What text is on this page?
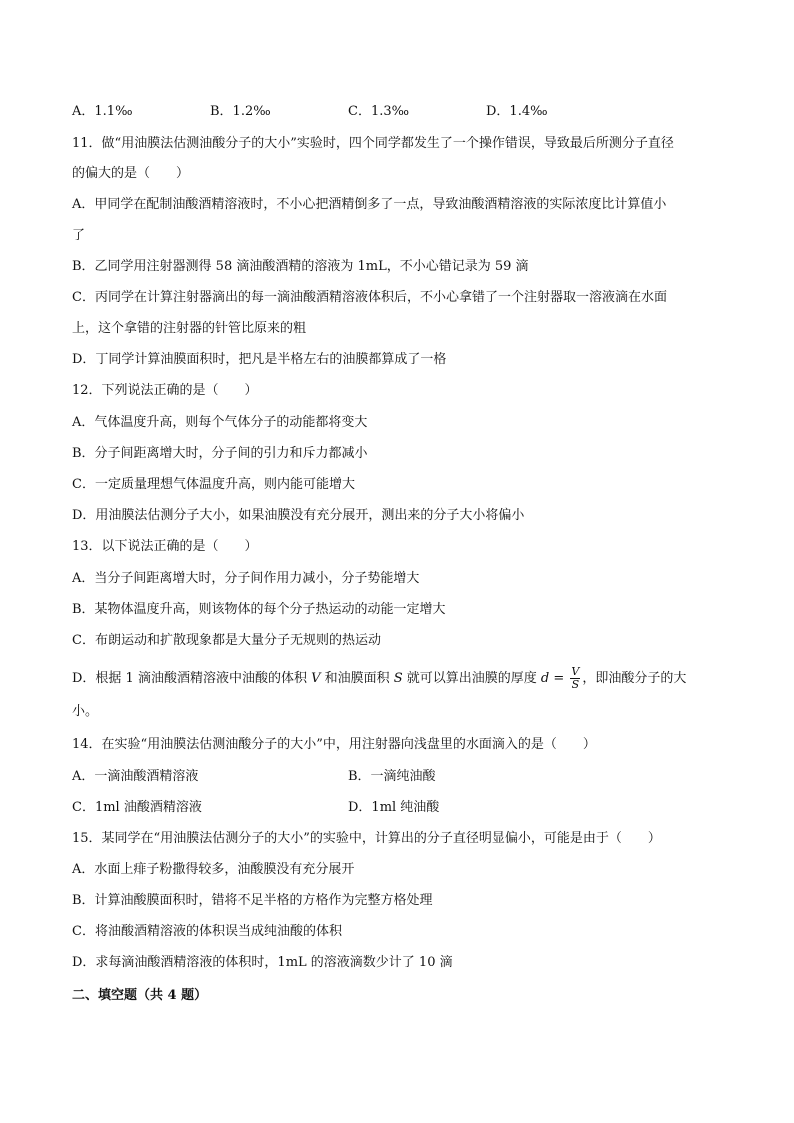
A．1.1‰	B．1.2‰	C．1.3‰	D．1.4‰
11．做“用油膜法估测油酸分子的大小”实验时，四个同学都发生了一个操作错误，导致最后所测分子直径
的偏大的是（　　）
A．甲同学在配制油酸酒精溶液时，不小心把酒精倒多了一点，导致油酸酒精溶液的实际浓度比计算值小
了
B．乙同学用注射器测得 58 滴油酸酒精的溶液为 1mL，不小心错记录为 59 滴
C．丙同学在计算注射器滴出的每一滴油酸酒精溶液体积后，不小心拿错了一个注射器取一溶液滴在水面
上，这个拿错的注射器的针管比原来的粗
D．丁同学计算油膜面积时，把凡是半格左右的油膜都算成了一格
12．下列说法正确的是（　　）
A．气体温度升高，则每个气体分子的动能都将变大
B．分子间距离增大时，分子间的引力和斥力都减小
C．一定质量理想气体温度升高，则内能可能增大
D．用油膜法估测分子大小，如果油膜没有充分展开，测出来的分子大小将偏小
13．以下说法正确的是（　　）
A．当分子间距离增大时，分子间作用力减小，分子势能增大
B．某物体温度升高，则该物体的每个分子热运动的动能一定增大
C．布朗运动和扩散现象都是大量分子无规则的热运动
D．根据 1 滴油酸酒精溶液中油酸的体积 V 和油膜面积 S 就可以算出油膜的厚度 $d = \frac{V}{S}$ ，即油酸分子的大
小。
14．在实验“用油膜法估测油酸分子的大小”中，用注射器向浅盘里的水面滴入的是（　　）
A．一滴油酸酒精溶液	B．一滴纯油酸
C．1ml 油酸酒精溶液	D．1ml 纯油酸
15．某同学在“用油膜法估测分子的大小”的实验中，计算出的分子直径明显偏小，可能是由于（　　）
A．水面上痱子粉撒得较多，油酸膜没有充分展开
B．计算油酸膜面积时，错将不足半格的方格作为完整方格处理
C．将油酸酒精溶液的体积误当成纯油酸的体积
D．求每滴油酸酒精溶液的体积时，1mL 的溶液滴数少计了 10 滴
二、填空题（共 4 题）
